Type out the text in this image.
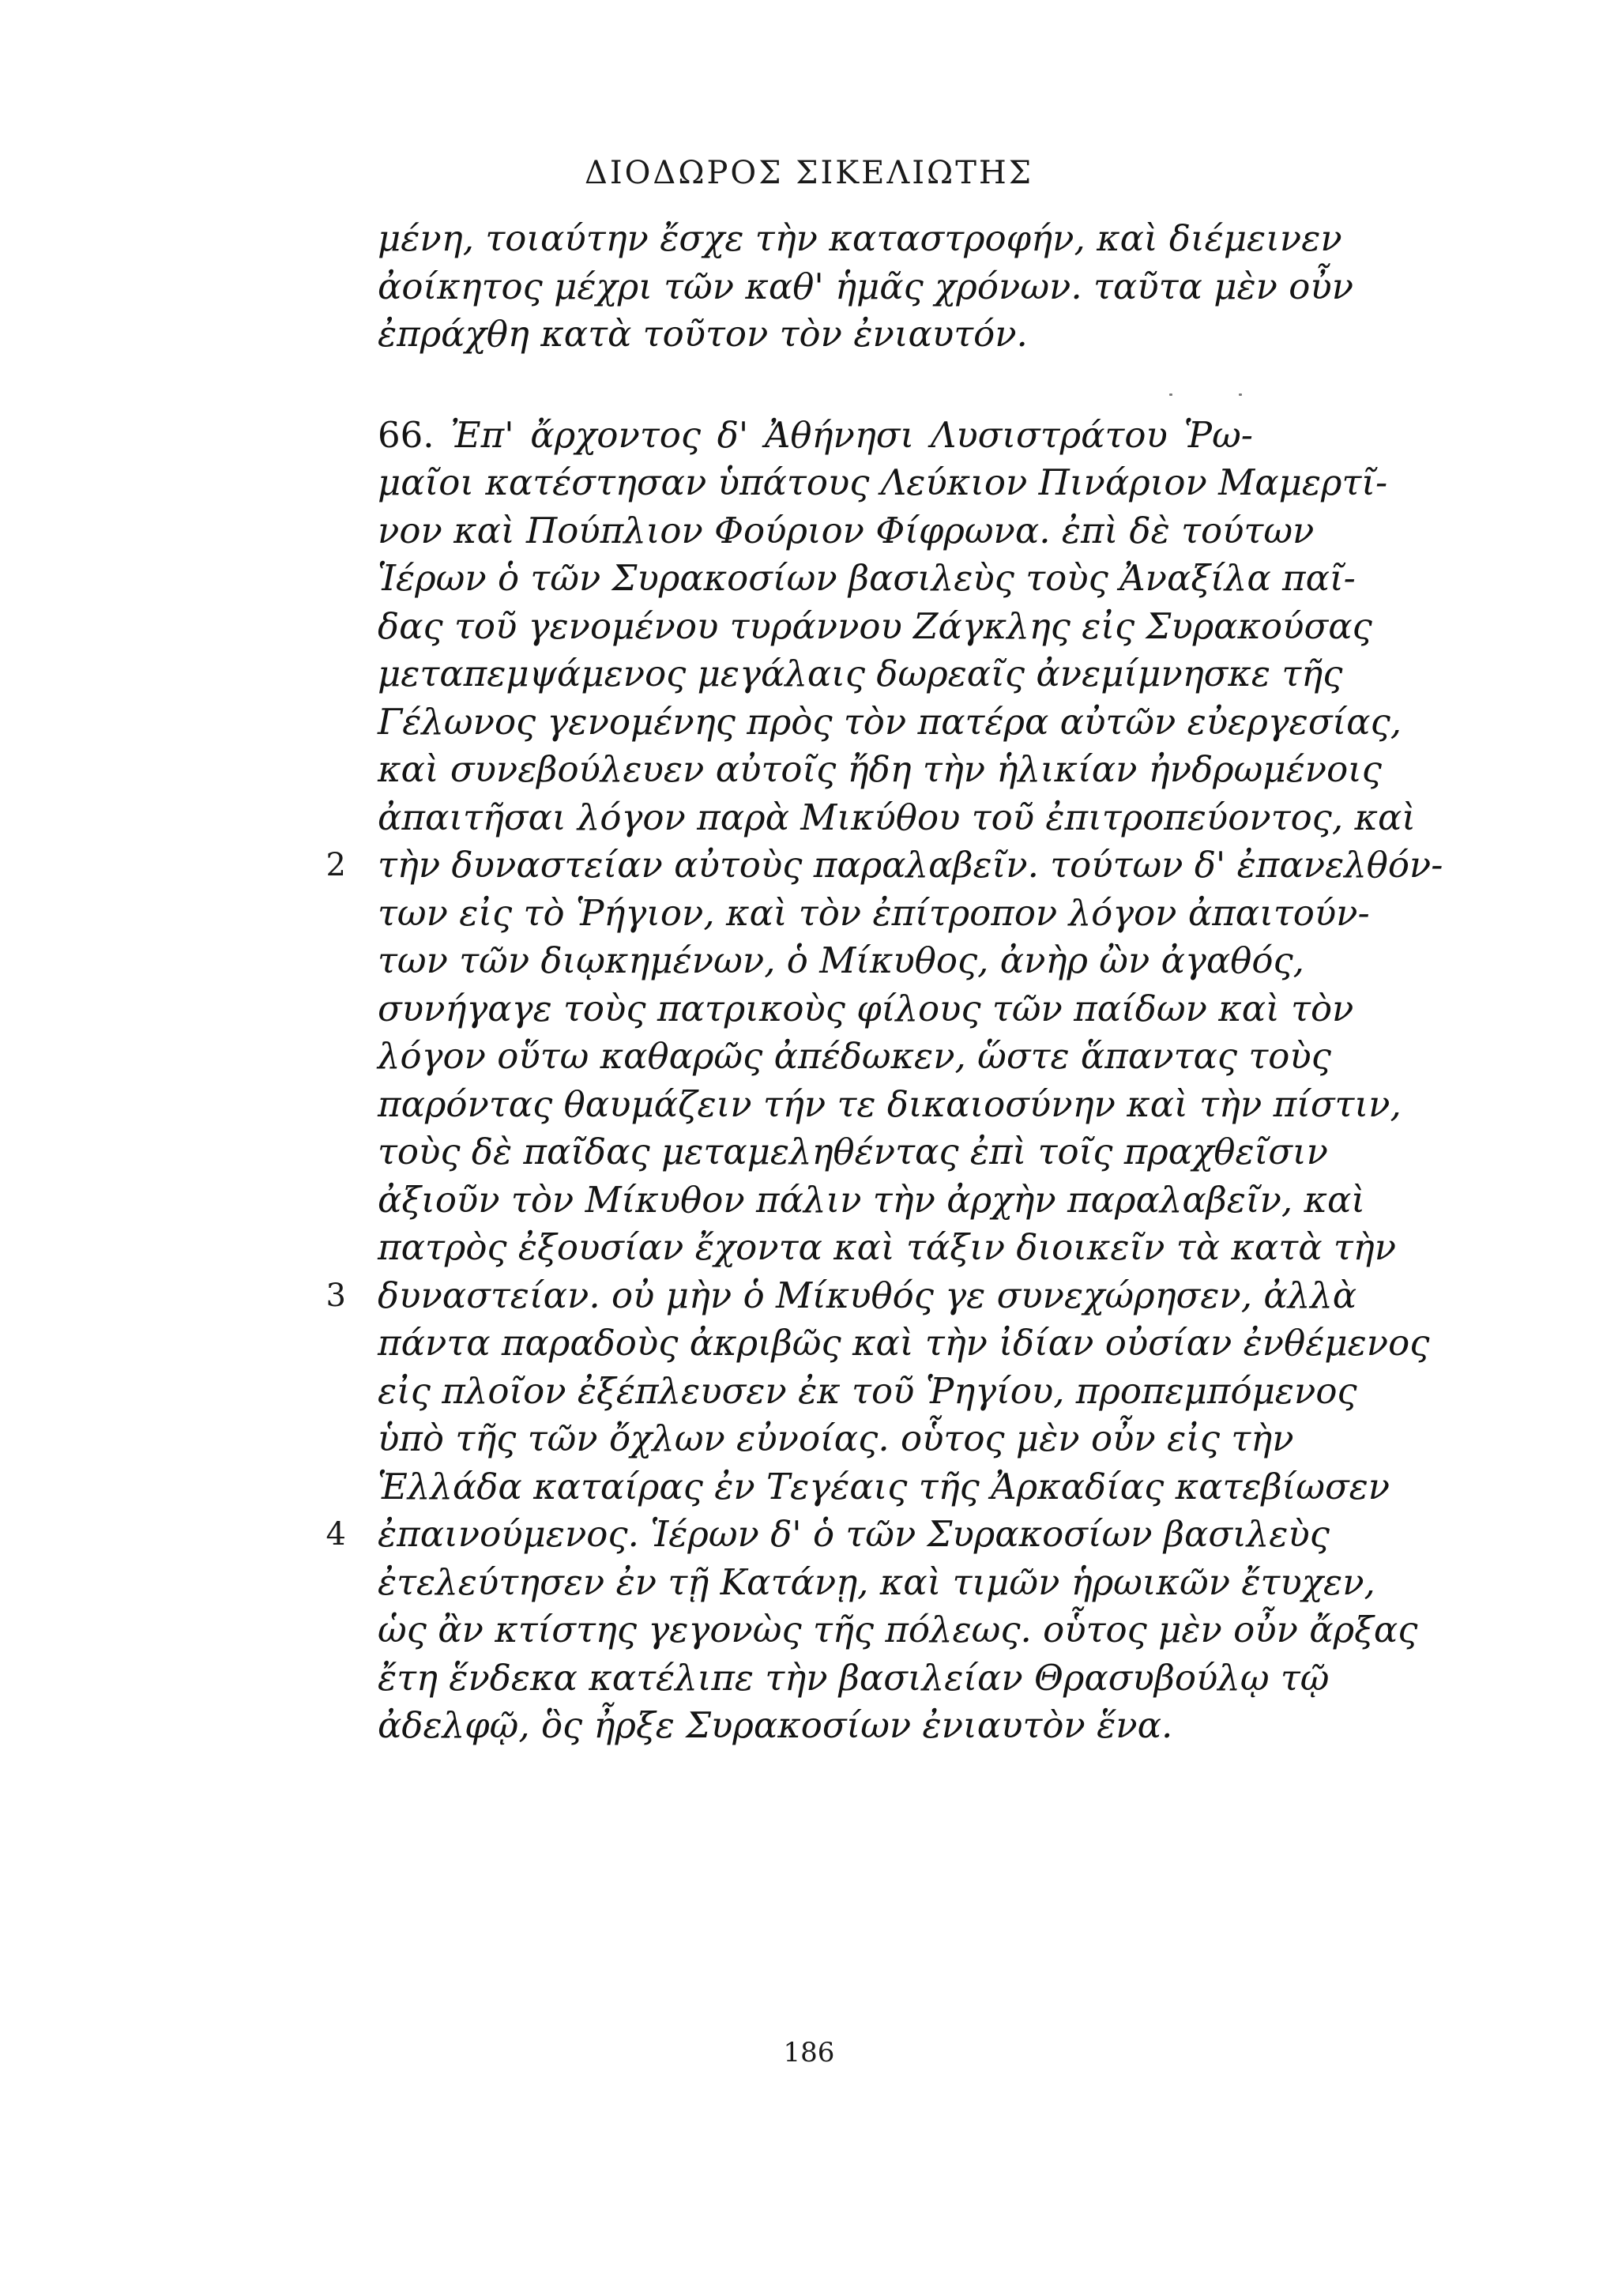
ΔΙΟΔΩΡΟΣ ΣΙΚΕΛΙΩΤΗΣ
μένη, τοιαύτην ἔσχε τὴν καταστροφήν, καὶ διέμεινεν
ἀοίκητος μέχρι τῶν καθ' ἡμᾶς χρόνων. ταῦτα μὲν οὖν
ἐπράχθη κατὰ τοῦτον τὸν ἐνιαυτόν.
66. Ἐπ' ἄρχοντος δ' Ἀθήνησι Λυσιστράτου Ῥω-
μαῖοι κατέστησαν ὑπάτους Λεύκιον Πινάριον Μαμερτῖ-
νον καὶ Πούπλιον Φούριον Φίφρωνα. ἐπὶ δὲ τούτων
Ἱέρων ὁ τῶν Συρακοσίων βασιλεὺς τοὺς Ἀναξίλα παῖ-
δας τοῦ γενομένου τυράννου Ζάγκλης εἰς Συρακούσας
μεταπεμψάμενος μεγάλαις δωρεαῖς ἀνεμίμνησκε τῆς
Γέλωνος γενομένης πρὸς τὸν πατέρα αὐτῶν εὐεργεσίας,
καὶ συνεβούλευεν αὐτοῖς ἤδη τὴν ἡλικίαν ἠνδρωμένοις
ἀπαιτῆσαι λόγον παρὰ Μικύθου τοῦ ἐπιτροπεύοντος, καὶ
2 τὴν δυναστείαν αὐτοὺς παραλαβεῖν. τούτων δ' ἐπανελθόν-
των εἰς τὸ Ῥήγιον, καὶ τὸν ἐπίτροπον λόγον ἀπαιτούν-
των τῶν διῳκημένων, ὁ Μίκυθος, ἀνὴρ ὢν ἀγαθός,
συνήγαγε τοὺς πατρικοὺς φίλους τῶν παίδων καὶ τὸν
λόγον οὕτω καθαρῶς ἀπέδωκεν, ὥστε ἅπαντας τοὺς
παρόντας θαυμάζειν τήν τε δικαιοσύνην καὶ τὴν πίστιν,
τοὺς δὲ παῖδας μεταμεληθέντας ἐπὶ τοῖς πραχθεῖσιν
ἀξιοῦν τὸν Μίκυθον πάλιν τὴν ἀρχὴν παραλαβεῖν, καὶ
πατρὸς ἐξουσίαν ἔχοντα καὶ τάξιν διοικεῖν τὰ κατὰ τὴν
3 δυναστείαν. οὐ μὴν ὁ Μίκυθός γε συνεχώρησεν, ἀλλὰ
πάντα παραδοὺς ἀκριβῶς καὶ τὴν ἰδίαν οὐσίαν ἐνθέμενος
εἰς πλοῖον ἐξέπλευσεν ἐκ τοῦ Ῥηγίου, προπεμπόμενος
ὑπὸ τῆς τῶν ὄχλων εὐνοίας. οὗτος μὲν οὖν εἰς τὴν
Ἑλλάδα καταίρας ἐν Τεγέαις τῆς Ἀρκαδίας κατεβίωσεν
4 ἐπαινούμενος. Ἱέρων δ' ὁ τῶν Συρακοσίων βασιλεὺς
ἐτελεύτησεν ἐν τῇ Κατάνῃ, καὶ τιμῶν ἡρωικῶν ἔτυχεν,
ὡς ἂν κτίστης γεγονὼς τῆς πόλεως. οὗτος μὲν οὖν ἄρξας
ἔτη ἕνδεκα κατέλιπε τὴν βασιλείαν Θρασυβούλῳ τῷ
ἀδελφῷ, ὃς ἦρξε Συρακοσίων ἐνιαυτὸν ἕνα.
186
